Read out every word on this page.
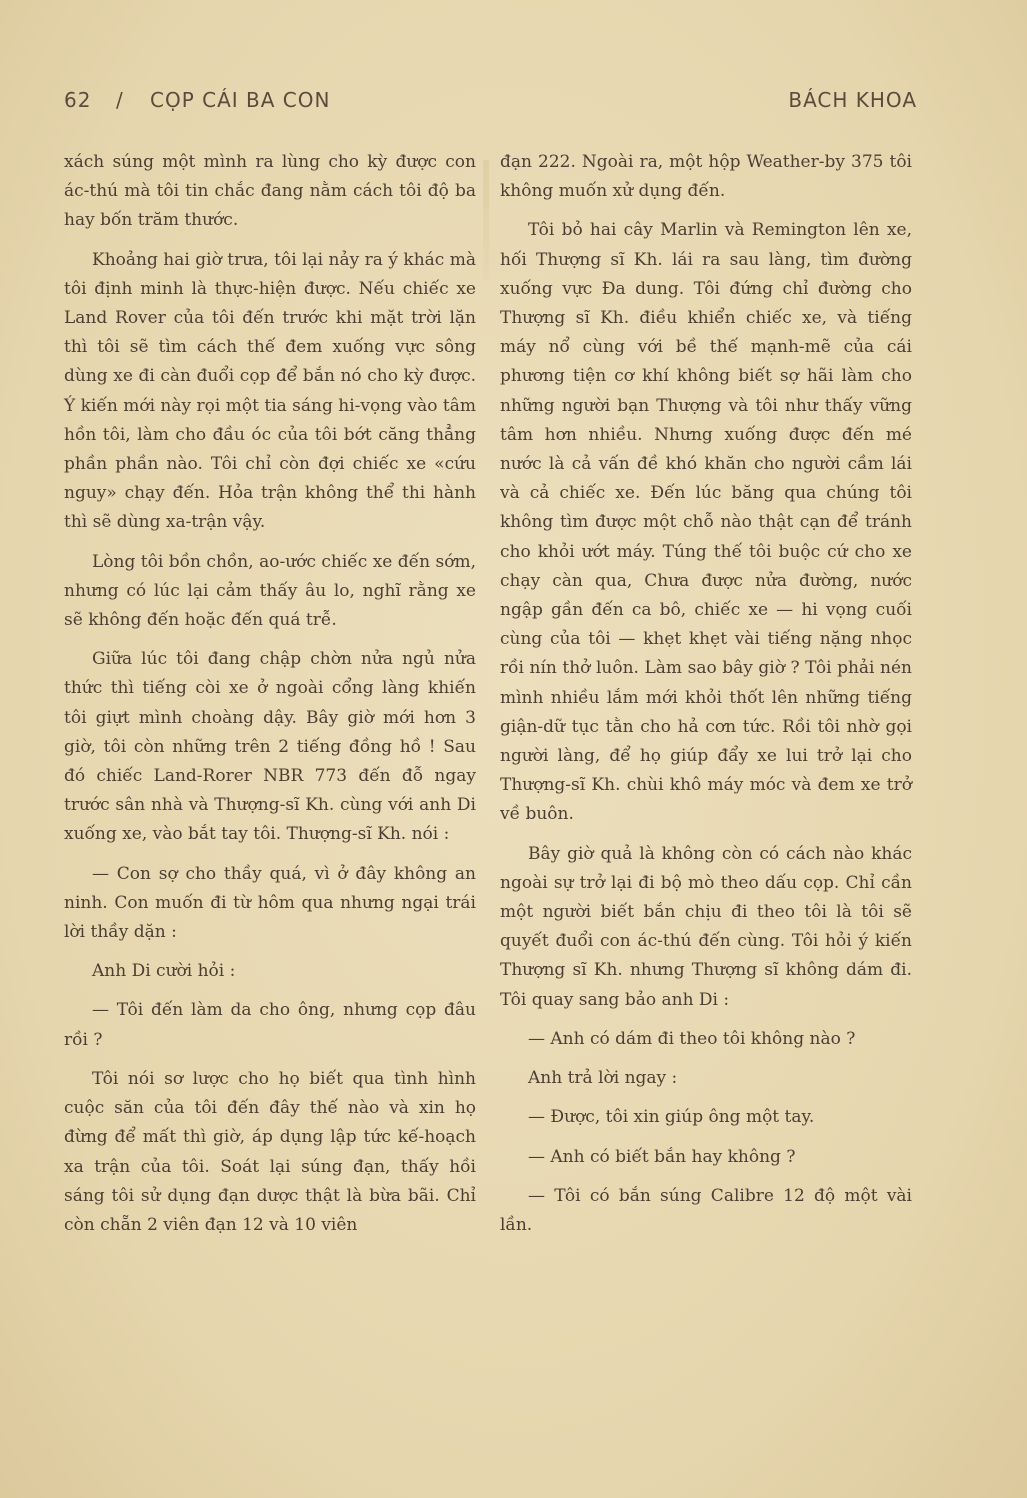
62 / CỌP CÁI BA CON	BÁCH KHOA

xách súng một mình ra lùng cho kỳ được con ác-thú mà tôi tin chắc đang nằm cách tôi độ ba hay bốn trăm thước.

Khoảng hai giờ trưa, tôi lại nảy ra ý khác mà tôi định minh là thực-hiện được. Nếu chiếc xe Land Rover của tôi đến trước khi mặt trời lặn thì tôi sẽ tìm cách thế đem xuống vực sông dùng xe đi càn đuổi cọp để bắn nó cho kỳ được. Ý kiến mới này rọi một tia sáng hi-vọng vào tâm hồn tôi, làm cho đầu óc của tôi bớt căng thẳng phần phần nào. Tôi chỉ còn đợi chiếc xe «cứu nguy» chạy đến. Hỏa trận không thể thi hành thì sẽ dùng xa-trận vậy.

Lòng tôi bồn chồn, ao-ước chiếc xe đến sớm, nhưng có lúc lại cảm thấy âu lo, nghĩ rằng xe sẽ không đến hoặc đến quá trễ.

Giữa lúc tôi đang chập chờn nửa ngủ nửa thức thì tiếng còi xe ở ngoài cổng làng khiến tôi giựt mình choàng dậy. Bây giờ mới hơn 3 giờ, tôi còn những trên 2 tiếng đồng hồ ! Sau đó chiếc Land-Rorer NBR 773 đến đỗ ngay trước sân nhà và Thượng-sĩ Kh. cùng với anh Di xuống xe, vào bắt tay tôi. Thượng-sĩ Kh. nói :

— Con sợ cho thầy quá, vì ở đây không an ninh. Con muốn đi từ hôm qua nhưng ngại trái lời thầy dặn :

Anh Di cười hỏi :

— Tôi đến làm da cho ông, nhưng cọp đâu rồi ?

Tôi nói sơ lược cho họ biết qua tình hình cuộc săn của tôi đến đây thế nào và xin họ đừng để mất thì giờ, áp dụng lập tức kế-hoạch xa trận của tôi. Soát lại súng đạn, thấy hồi sáng tôi sử dụng đạn dược thật là bừa bãi. Chỉ còn chẵn 2 viên đạn 12 và 10 viên

đạn 222. Ngoài ra, một hộp Weather-by 375 tôi không muốn xử dụng đến.

Tôi bỏ hai cây Marlin và Remington lên xe, hối Thượng sĩ Kh. lái ra sau làng, tìm đường xuống vực Đa dung. Tôi đứng chỉ đường cho Thượng sĩ Kh. điều khiển chiếc xe, và tiếng máy nổ cùng với bề thế mạnh-mẽ của cái phương tiện cơ khí không biết sợ hãi làm cho những người bạn Thượng và tôi như thấy vững tâm hơn nhiều. Nhưng xuống được đến mé nước là cả vấn đề khó khăn cho người cầm lái và cả chiếc xe. Đến lúc băng qua chúng tôi không tìm được một chỗ nào thật cạn để tránh cho khỏi ướt máy. Túng thế tôi buộc cứ cho xe chạy càn qua, Chưa được nửa đường, nước ngập gần đến ca bô, chiếc xe — hi vọng cuối cùng của tôi — khẹt khẹt vài tiếng nặng nhọc rồi nín thở luôn. Làm sao bây giờ ? Tôi phải nén mình nhiều lắm mới khỏi thốt lên những tiếng giận-dữ tục tằn cho hả cơn tức. Rồi tôi nhờ gọi người làng, để họ giúp đẩy xe lui trở lại cho Thượng-sĩ Kh. chùi khô máy móc và đem xe trở về buôn.

Bây giờ quả là không còn có cách nào khác ngoài sự trở lại đi bộ mò theo dấu cọp. Chỉ cần một người biết bắn chịu đi theo tôi là tôi sẽ quyết đuổi con ác-thú đến cùng. Tôi hỏi ý kiến Thượng sĩ Kh. nhưng Thượng sĩ không dám đi. Tôi quay sang bảo anh Di :

— Anh có dám đi theo tôi không nào ?

Anh trả lời ngay :

— Được, tôi xin giúp ông một tay.

— Anh có biết bắn hay không ?

— Tôi có bắn súng Calibre 12 độ một vài lần.
